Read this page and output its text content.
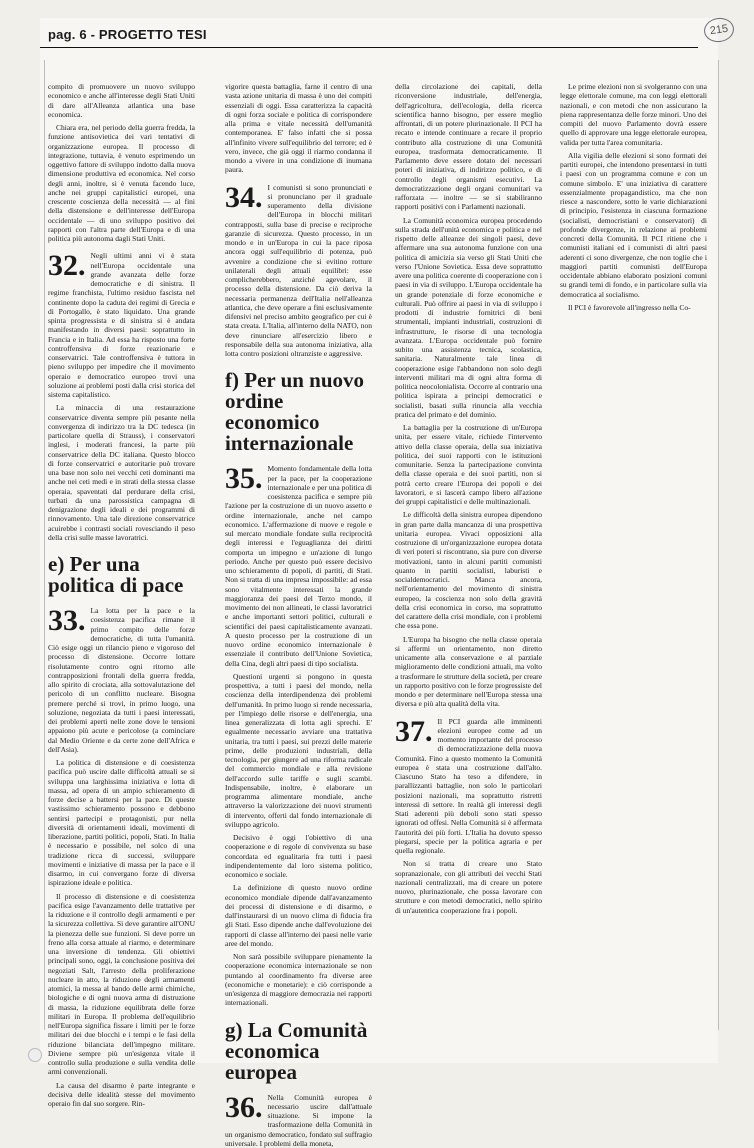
pag. 6 - PROGETTO TESI	215

compito di promuovere un nuovo sviluppo economico e anche all'interesse degli Stati Uniti di dare all'Alleanza atlantica una base economica.

Chiara era, nel periodo della guerra fredda, la funzione antisovietica dei vari tentativi di organizzazione europea. Il processo di integrazione, tuttavia, è venuto esprimendo un oggettivo fattore di sviluppo indotto dalla nuova dimensione produttiva ed economica. Nel corso degli anni, inoltre, si è venuta facendo luce, anche nei gruppi capitalistici europei, una crescente coscienza della necessità — al fini della distensione e dell'interesse dell'Europa occidentale — di uno sviluppo positivo dei rapporti con l'altra parte dell'Europa e di una politica più autonoma dagli Stati Uniti.

32. Negli ultimi anni vi è stata nell'Europa occidentale una grande avanzata delle forze democratiche e di sinistra. Il regime franchista, l'ultimo residuo fascista nel continente dopo la caduta dei regimi di Grecia e di Portogallo, è stato liquidato. Una grande spinta progressista e di sinistra si è andata manifestando in diversi paesi: soprattutto in Francia e in Italia. Ad essa ha risposto una forte controffensiva di forze reazionarie e conservatrici. Tale controffensiva è tuttora in pieno sviluppo per impedire che il movimento operaio e democratico europeo trovi una soluzione ai problemi posti dalla crisi storica del sistema capitalistico.

La minaccia di una restaurazione conservatrice diventa sempre più pesante nella convergenza di indirizzo tra la DC tedesca (in particolare quella di Strauss), i conservatori inglesi, i moderati francesi, la parte più conservatrice della DC italiana. Questo blocco di forze conservatrici e autoritarie può trovare una base non solo nei vecchi ceti dominanti ma anche nei ceti medi e in strati della stessa classe operaia, spaventati dal perdurare della crisi, turbati da una parossistica campagna di denigrazione degli ideali e dei programmi di rinnovamento. Una tale direzione conservatrice acuirebbe i contrasti sociali rovesciando il peso della crisi sulle masse lavoratrici.

e) Per una politica di pace
33. La lotta per la pace e la coesistenza pacifica rimane il primo compito delle forze democratiche, di tutta l'umanità. Ciò esige oggi un rilancio pieno e vigoroso del processo di distensione. Occorre lottare risolutamente contro ogni ritorno alle contrapposizioni frontali della guerra fredda, allo spirito di crociata, alla sottovalutazione del pericolo di un conflitto nucleare. Bisogna premere perché si trovi, in primo luogo, una soluzione, negoziata da tutti i paesi interessati, dei problemi aperti nelle zone dove le tensioni appaiono più acute e pericolose (a cominciare dal Medio Oriente e da certe zone dell'Africa e dell'Asia).

La politica di distensione e di coesistenza pacifica può uscire dalle difficoltà attuali se si sviluppa una larghissima iniziativa e lotta di massa, ad opera di un ampio schieramento di forze decise a battersi per la pace. Di queste vastissimo schieramento possono e debbono sentirsi partecipi e protagonisti, pur nella diversità di orientamenti ideali, movimenti di liberazione, partiti politici, popoli, Stati. In Italia è necessario e possibile, nel solco di una tradizione ricca di successi, sviluppare movimenti e iniziative di massa per la pace e il disarmo, in cui convergano forze di diversa ispirazione ideale e politica.

Il processo di distensione e di coesistenza pacifica esige l'avanzamento delle trattative per la riduzione e il controllo degli armamenti e per la sicurezza collettiva. Si deve garantire all'ONU la pienezza delle sue funzioni. Si deve porre un freno alla corsa attuale al riarmo, e determinare una inversione di tendenza. Gli obiettivi principali sono, oggi, la conclusione positiva dei negoziati Salt, l'arresto della proliferazione nucleare in atto, la riduzione degli armamenti atomici, la messa al bando delle armi chimiche, biologiche e di ogni nuova arma di distruzione di massa, la riduzione equilibrata delle forze militari in Europa. Il problema dell'equilibrio nell'Europa significa fissare i limiti per le forze militari dei due blocchi e i tempi e le fasi della riduzione bilanciata dell'impegno militare. Diviene sempre più un'esigenza vitale il controllo sulla produzione e sulla vendita delle armi convenzionali.

La causa del disarmo è parte integrante e decisiva delle idealità stesse del movimento operaio fin dal suo sorgere. Rin-

vigorire questa battaglia, farne il centro di una vasta azione unitaria di massa è uno dei compiti essenziali di oggi. Essa caratterizza la capacità di ogni forza sociale e politica di corrispondere alla prima e vitale necessità dell'umanità contemporanea. E' falso infatti che si possa all'infinito vivere sull'equilibrio del terrore; ed è vero, invece, che già oggi il riarmo condanna il mondo a vivere in una condizione di inumana paura.

34. I comunisti si sono pronunciati e si pronunciano per il graduale superamento della divisione dell'Europa in blocchi militari contrapposti, sulla base di precise e reciproche garanzie di sicurezza. Questo processo, in un mondo e in un'Europa in cui la pace riposa ancora oggi sull'equilibrio di potenza, può avvenire a condizione che si evitino rotture unilaterali degli attuali equilibri: esse complicherebbero, anziché agevolare, il processo della distensione. Da ciò deriva la necessaria permanenza dell'Italia nell'alleanza atlantica, che deve operare a fini esclusivamente difensivi nel preciso ambito geografico per cui è stata creata. L'Italia, all'interno della NATO, non deve rinunciare all'esercizio libero e responsabile della sua autonoma iniziativa, alla lotta contro posizioni oltranziste e aggressive.
f) Per un nuovo ordine economico internazionale
35. Momento fondamentale della lotta per la pace, per la cooperazione internazionale e per una politica di coesistenza pacifica e sempre più l'azione per la costruzione di un nuovo assetto e ordine internazionale, anche nel campo economico. L'affermazione di nuove e regole e sul mercato mondiale fondate sulla reciprocità degli interessi e l'eguaglianza dei diritti comporta un impegno e un'azione di lungo periodo. Anche per questo può essere decisivo uno schieramento di popoli, di partiti, di Stati. Non si tratta di una impresa impossibile: ad essa sono vitalmente interessati la grande maggioranza dei paesi del Terzo mondo, il movimento dei non allineati, le classi lavoratrici e anche importanti settori politici, culturali e scientifici dei paesi capitalisticamente avanzati. A questo processo per la costruzione di un nuovo ordine economico internazionale è essenziale il contributo dell'Unione Sovietica, della Cina, degli altri paesi di tipo socialista.

Questioni urgenti si pongono in questa prospettiva, a tutti i paesi del mondo, nella coscienza della interdipendenza dei problemi dell'umanità. In primo luogo si rende necessaria, per l'impiego delle risorse e dell'energia, una linea generalizzata di lotta agli sprechi. E' egualmente necessario avviare una trattativa unitaria, tra tutti i paesi, sui prezzi delle materie prime, delle produzioni industriali, della tecnologia, per giungere ad una riforma radicale del commercio mondiale e alla revisione dell'accordo sulle tariffe e sugli scambi. Indispensabile, inoltre, è elaborare un programma alimentare mondiale, anche attraverso la valorizzazione dei nuovi strumenti di intervento, offerti dal fondo internazionale di sviluppo agricolo.

Decisivo è oggi l'obiettivo di una cooperazione e di regole di convivenza su base concordata ed egualitaria fra tutti i paesi indipendentemente dal loro sistema politico, economico e sociale.

La definizione di questo nuovo ordine economico mondiale dipende dall'avanzamento dei processi di distensione e di disarmo, e dall'instaurarsi di un nuovo clima di fiducia fra gli Stati. Esso dipende anche dall'evoluzione dei rapporti di classe all'interno dei paesi nelle varie aree del mondo.

Non sarà possibile sviluppare pienamente la cooperazione economica internazionale se non puntando al coordinamento fra diverse aree (economiche e monetarie): e ciò corrisponde a un'esigenza di maggiore democrazia nei rapporti internazionali.

g) La Comunità economica europea
36. Nella Comunità europea è necessario uscire dall'attuale situazione. Si impone la trasformazione della Comunità in un organismo democratico, fondato sul suffragio universale. I problemi della moneta,

della circolazione dei capitali, della riconversione industriale, dell'energia, dell'agricoltura, dell'ecologia, della ricerca scientifica hanno bisogno, per essere meglio affrontati, di un potere plurinazionale. Il PCI ha recato e intende continuare a recare il proprio contributo alla costruzione di una Comunità europea, trasformata democraticamente. Il Parlamento deve essere dotato dei necessari poteri di iniziativa, di indirizzo politico, e di controllo degli organismi esecutivi. La democratizzazione degli organi comunitari va rafforzata — inoltre — se si stabiliranno rapporti positivi con i Parlamenti nazionali.

La Comunità economica europea procedendo sulla strada dell'unità economica e politica e nel rispetto delle alleanze dei singoli paesi, deve affermare una sua autonoma funzione con una politica di amicizia sia verso gli Stati Uniti che verso l'Unione Sovietica. Essa deve soprattutto avere una politica coerente di cooperazione con i paesi in via di sviluppo. L'Europa occidentale ha un grande potenziale di forze economiche e culturali. Può offrire ai paesi in via di sviluppo i prodotti di industrie fornitrici di beni strumentali, impianti industriali, costruzioni di infrastrutture, le risorse di una tecnologia avanzata. L'Europa occidentale può fornire subito una assistenza tecnica, scolastica, sanitaria. Naturalmente tale linea di cooperazione esige l'abbandono non solo degli interventi militari ma di ogni altra forma di politica neocolonialista. Occorre al contrario una politica ispirata a principi democratici e socialisti, basati sulla rinuncia alla vecchia pratica del primato e del dominio.

La battaglia per la costruzione di un'Europa unita, per essere vitale, richiede l'intervento attivo della classe operaia, della sua iniziativa politica, dei suoi rapporti con le istituzioni comunitarie. Senza la partecipazione convinta della classe operaia e dei suoi partiti, non si potrà certo creare l'Europa dei popoli e dei lavoratori, e si lascerà campo libero all'azione dei gruppi capitalistici e delle multinazionali.

Le difficoltà della sinistra europea dipendono in gran parte dalla mancanza di una prospettiva unitaria europea. Vivaci opposizioni alla costruzione di un'organizzazione europea dotata di veri poteri si riscontrano, sia pure con diverse motivazioni, tanto in alcuni partiti comunisti quanto in partiti socialisti, laburisti e socialdemocratici. Manca ancora, nell'orientamento del movimento di sinistra europeo, la coscienza non solo della gravità della crisi economica in corso, ma soprattutto del carattere della crisi mondiale, con i problemi che essa pone.

L'Europa ha bisogno che nella classe operaia si affermi un orientamento, non diretto unicamente alla conservazione e al parziale miglioramento delle condizioni attuali, ma volto a trasformare le strutture della società, per creare un rapporto positivo con le forze progressiste del mondo e per determinare nell'Europa stessa una diversa e più alta qualità della vita.

37. Il PCI guarda alle imminenti elezioni europee come ad un momento importante del processo di democratizzazione della nuova Comunità. Fino a questo momento la Comunità europea è stata una costruzione dall'alto. Ciascuno Stato ha teso a difendere, in parallizzanti battaglie, non solo le particolari posizioni nazionali, ma soprattutto ristretti interessi di settore. In realtà gli interessi degli Stati aderenti più deboli sono stati spesso ignorati od offesi. Nella Comunità si è affermata l'autorità dei più forti. L'Italia ha dovuto spesso piegarsi, specie per la politica agraria e per quella regionale.

Non si tratta di creare uno Stato sopranazionale, con gli attributi dei vecchi Stati nazionali centralizzati, ma di creare un potere nuovo, plurinazionale, che possa lavorare con strutture e con metodi democratici, nello spirito di un'autentica cooperazione fra i popoli.

Le prime elezioni non si svolgeranno con una legge elettorale comune, ma con leggi elettorali nazionali, e con metodi che non assicurano la piena rappresentanza delle forze minori. Uno dei compiti del nuovo Parlamento dovrà essere quello di approvare una legge elettorale europea, valida per tutta l'area comunitaria.

Alla vigilia delle elezioni si sono formati dei partiti europei, che intendono presentarsi in tutti i paesi con un programma comune e con un comune simbolo. E' una iniziativa di carattere essenzialmente propagandistico, ma che non riesce a nascondere, sotto le varie dichiarazioni di principio, l'esistenza in ciascuna formazione (socialisti, democristiani e conservatori) di profonde divergenze, in relazione ai problemi concreti della Comunità. Il PCI ritiene che i comunisti italiani ed i comunisti di altri paesi aderenti ci sono divergenze, che non toglie che i maggiori partiti comunisti dell'Europa occidentale abbiano elaborato posizioni comuni su grandi temi di fondo, e in particolare sulla via democratica al socialismo.

Il PCI è favorevole all'ingresso nella Co-
